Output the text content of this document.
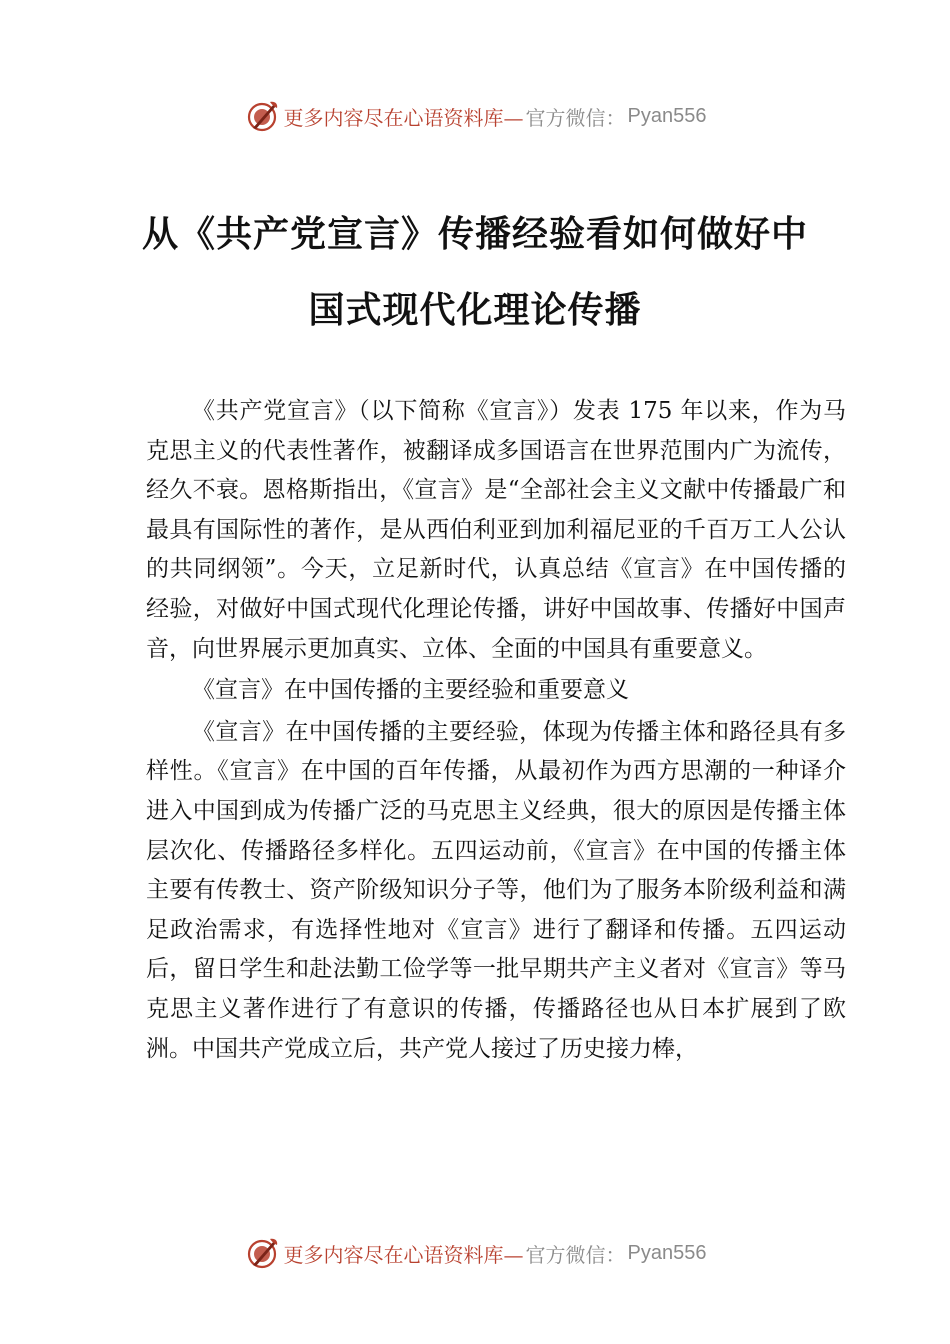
更多内容尽在心语资料库— 官方微信： Pyan556
从《共产党宣言》传播经验看如何做好中
国式现代化理论传播

《共产党宣言》（以下简称《宣言》）发表 175 年以来，作为马克思主义的代表性著作，被翻译成多国语言在世界范围内广为流传，经久不衰。恩格斯指出，《宣言》是“全部社会主义文献中传播最广和最具有国际性的著作，是从西伯利亚到加利福尼亚的千百万工人公认的共同纲领”。今天，立足新时代，认真总结《宣言》在中国传播的经验，对做好中国式现代化理论传播，讲好中国故事、传播好中国声音，向世界展示更加真实、立体、全面的中国具有重要意义。

《宣言》在中国传播的主要经验和重要意义

《宣言》在中国传播的主要经验，体现为传播主体和路径具有多样性。《宣言》在中国的百年传播，从最初作为西方思潮的一种译介进入中国到成为传播广泛的马克思主义经典，很大的原因是传播主体层次化、传播路径多样化。五四运动前，《宣言》在中国的传播主体主要有传教士、资产阶级知识分子等，他们为了服务本阶级利益和满足政治需求，有选择性地对《宣言》进行了翻译和传播。五四运动后，留日学生和赴法勤工俭学等一批早期共产主义者对《宣言》等马克思主义著作进行了有意识的传播，传播路径也从日本扩展到了欧洲。中国共产党成立后，共产党人接过了历史接力棒，

更多内容尽在心语资料库— 官方微信： Pyan556
